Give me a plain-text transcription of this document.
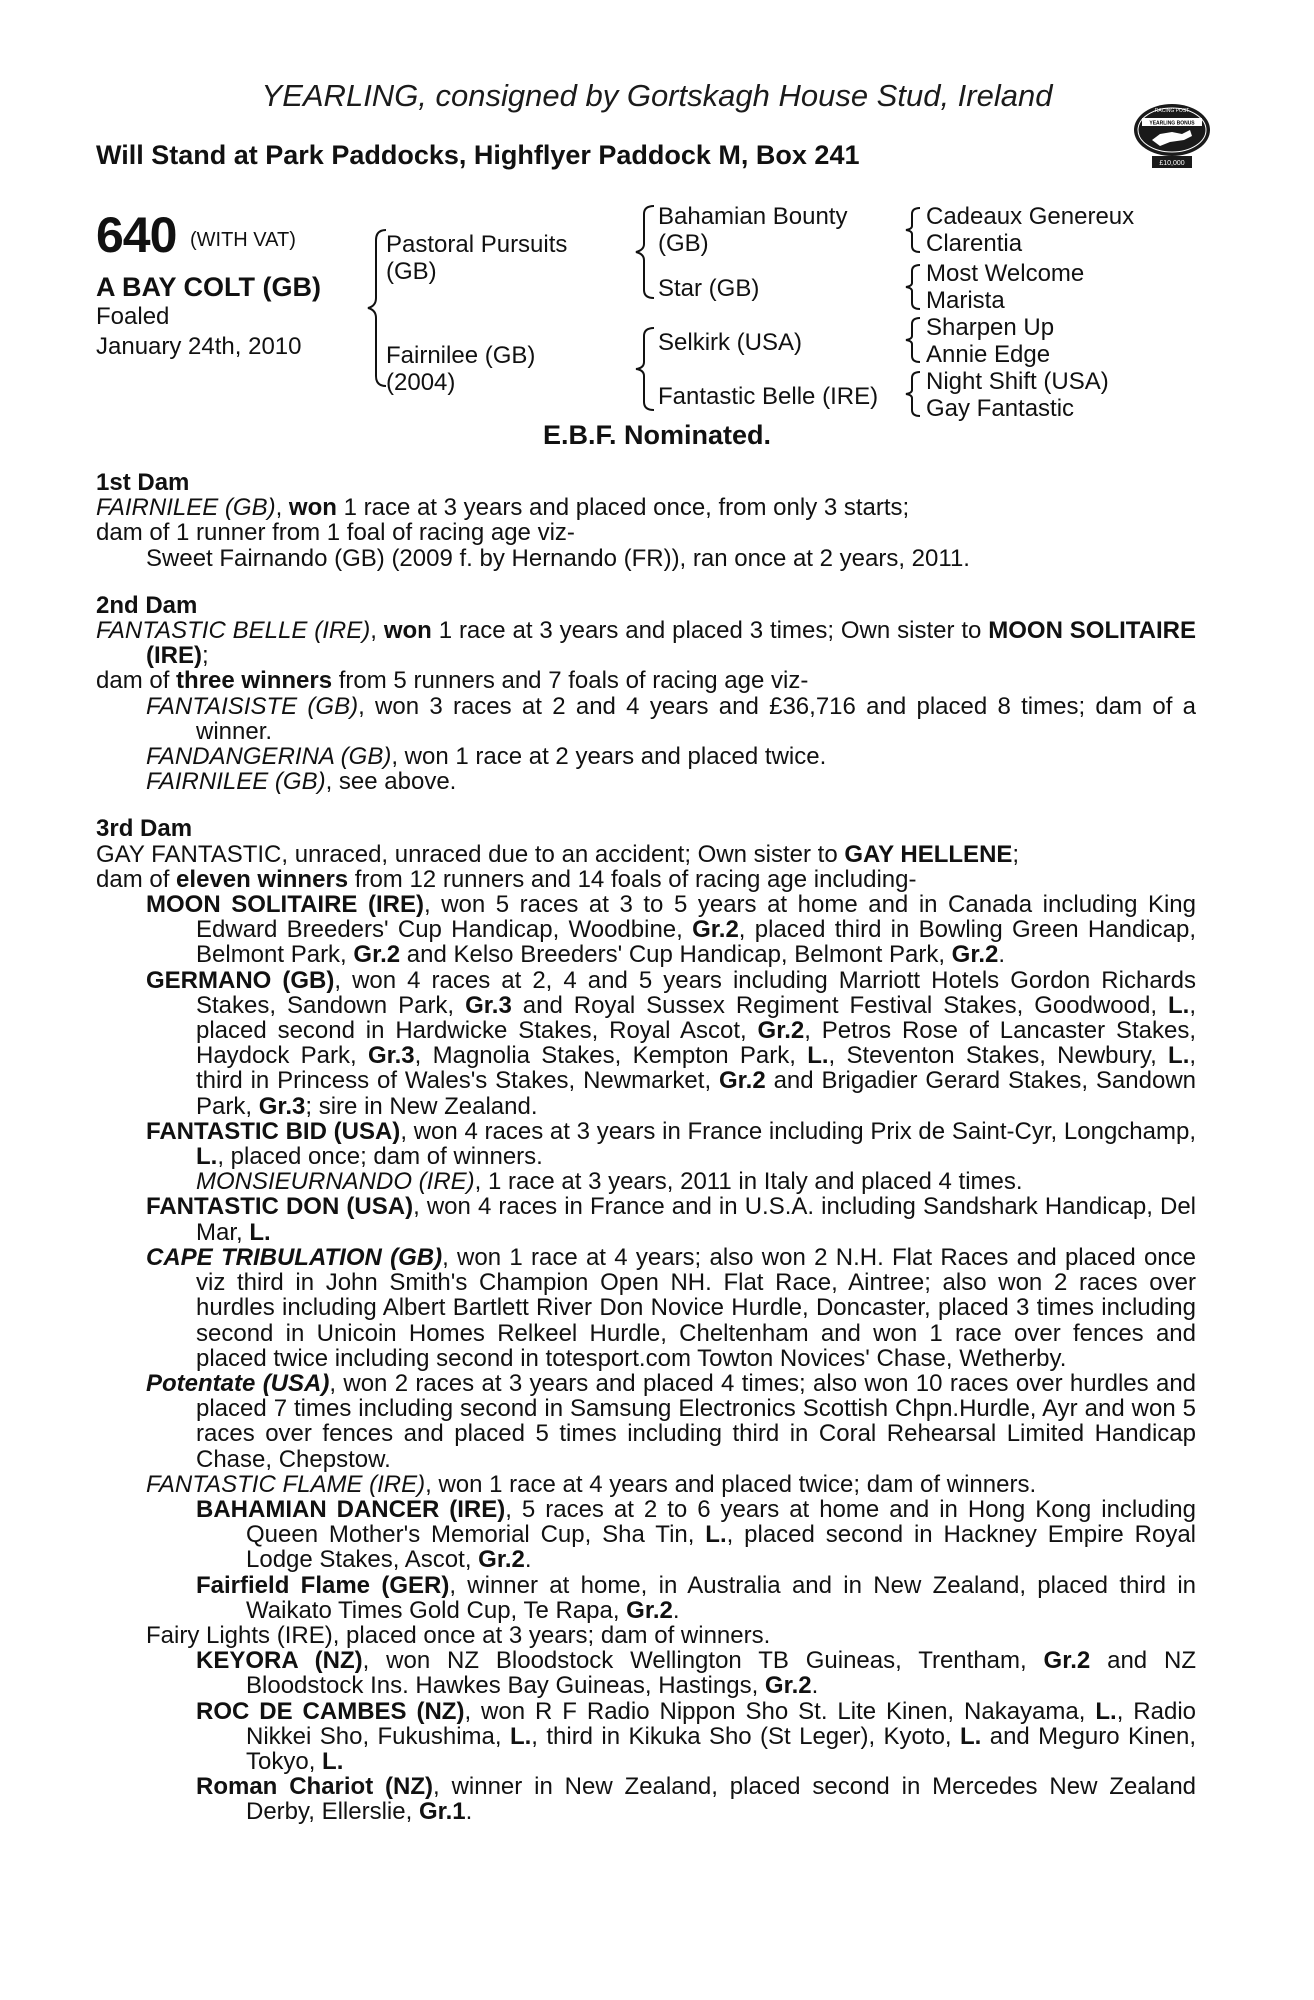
YEARLING, consigned by Gortskagh House Stud, Ireland
Will Stand at Park Paddocks, Highflyer Paddock M, Box 241
RACING POST
YEARLING BONUS
£10,000
640 (WITH VAT)
A BAY COLT (GB)
Foaled
January 24th, 2010
Pastoral Pursuits
(GB)
Fairnilee (GB)
(2004)
Bahamian Bounty
(GB)
Star (GB)
Selkirk (USA)
Fantastic Belle (IRE)
Cadeaux Genereux
Clarentia
Most Welcome
Marista
Sharpen Up
Annie Edge
Night Shift (USA)
Gay Fantastic
E.B.F. Nominated.

1st Dam

FAIRNILEE (GB), won 1 race at 3 years and placed once, from only 3 starts;

dam of 1 runner from 1 foal of racing age viz-

Sweet Fairnando (GB) (2009 f. by Hernando (FR)), ran once at 2 years, 2011.

2nd Dam

FANTASTIC BELLE (IRE), won 1 race at 3 years and placed 3 times; Own sister to MOON SOLITAIRE (IRE);

dam of three winners from 5 runners and 7 foals of racing age viz-

FANTAISISTE (GB), won 3 races at 2 and 4 years and £36,716 and placed 8 times; dam of a winner.

FANDANGERINA (GB), won 1 race at 2 years and placed twice.

FAIRNILEE (GB), see above.

3rd Dam

GAY FANTASTIC, unraced, unraced due to an accident; Own sister to GAY HELLENE;

dam of eleven winners from 12 runners and 14 foals of racing age including-

MOON SOLITAIRE (IRE), won 5 races at 3 to 5 years at home and in Canada including King Edward Breeders' Cup Handicap, Woodbine, Gr.2, placed third in Bowling Green Handicap, Belmont Park, Gr.2 and Kelso Breeders' Cup Handicap, Belmont Park, Gr.2.

GERMANO (GB), won 4 races at 2, 4 and 5 years including Marriott Hotels Gordon Richards Stakes, Sandown Park, Gr.3 and Royal Sussex Regiment Festival Stakes, Goodwood, L., placed second in Hardwicke Stakes, Royal Ascot, Gr.2, Petros Rose of Lancaster Stakes, Haydock Park, Gr.3, Magnolia Stakes, Kempton Park, L., Steventon Stakes, Newbury, L., third in Princess of Wales's Stakes, Newmarket, Gr.2 and Brigadier Gerard Stakes, Sandown Park, Gr.3; sire in New Zealand.

FANTASTIC BID (USA), won 4 races at 3 years in France including Prix de Saint-Cyr, Longchamp, L., placed once; dam of winners.

MONSIEURNANDO (IRE), 1 race at 3 years, 2011 in Italy and placed 4 times.

FANTASTIC DON (USA), won 4 races in France and in U.S.A. including Sandshark Handicap, Del Mar, L.

CAPE TRIBULATION (GB), won 1 race at 4 years; also won 2 N.H. Flat Races and placed once viz third in John Smith's Champion Open NH. Flat Race, Aintree; also won 2 races over hurdles including Albert Bartlett River Don Novice Hurdle, Doncaster, placed 3 times including second in Unicoin Homes Relkeel Hurdle, Cheltenham and won 1 race over fences and placed twice including second in totesport.com Towton Novices' Chase, Wetherby.

Potentate (USA), won 2 races at 3 years and placed 4 times; also won 10 races over hurdles and placed 7 times including second in Samsung Electronics Scottish Chpn.Hurdle, Ayr and won 5 races over fences and placed 5 times including third in Coral Rehearsal Limited Handicap Chase, Chepstow.

FANTASTIC FLAME (IRE), won 1 race at 4 years and placed twice; dam of winners.

BAHAMIAN DANCER (IRE), 5 races at 2 to 6 years at home and in Hong Kong including Queen Mother's Memorial Cup, Sha Tin, L., placed second in Hackney Empire Royal Lodge Stakes, Ascot, Gr.2.

Fairfield Flame (GER), winner at home, in Australia and in New Zealand, placed third in Waikato Times Gold Cup, Te Rapa, Gr.2.

Fairy Lights (IRE), placed once at 3 years; dam of winners.

KEYORA (NZ), won NZ Bloodstock Wellington TB Guineas, Trentham, Gr.2 and NZ Bloodstock Ins. Hawkes Bay Guineas, Hastings, Gr.2.

ROC DE CAMBES (NZ), won R F Radio Nippon Sho St. Lite Kinen, Nakayama, L., Radio Nikkei Sho, Fukushima, L., third in Kikuka Sho (St Leger), Kyoto, L. and Meguro Kinen, Tokyo, L.

Roman Chariot (NZ), winner in New Zealand, placed second in Mercedes New Zealand Derby, Ellerslie, Gr.1.
